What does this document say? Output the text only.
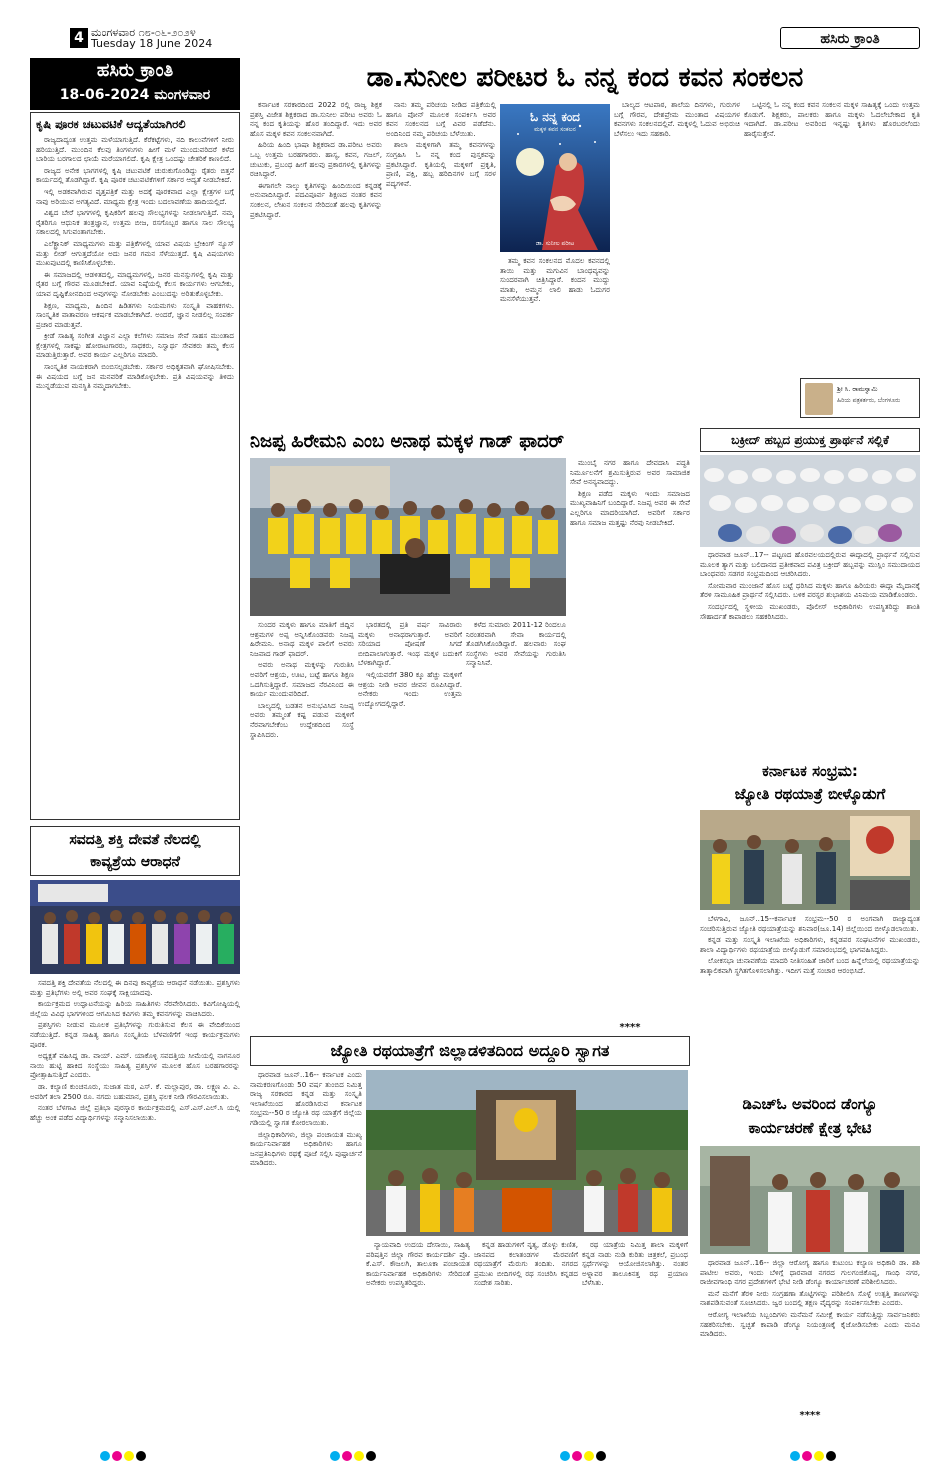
4 ಮಂಗಳವಾರ ೧೮-೦೬-೨೦೨೪
Tuesday 18 June 2024	ಹಸಿರು ಕ್ರಾಂತಿ
ಹಸಿರು ಕ್ರಾಂತಿ
18-06-2024 ಮಂಗಳವಾರ
ಕೃಷಿ ಪೂರಕ ಚಟುವಟಿಕೆ ಆದ್ಯತೆಯಾಗಿರಲಿ

ರಾಜ್ಯದಾದ್ಯಂತ ಉತ್ತಮ ಮಳೆಯಾಗುತ್ತಿದೆ. ಕೆರೆಕಟ್ಟೆಗಳು, ನದಿ ಕಾಲುವೆಗಳಿಗೆ ನೀರು ಹರಿಯುತ್ತಿದೆ. ಮುಂದಿನ ಕೆಲವು ತಿಂಗಳುಗಳು ಹೀಗೆ ಮಳೆ ಮುಂದುವರಿದರೆ ಕಳೆದ ಬಾರಿಯ ಬರಗಾಲದ ಛಾಯೆ ಮರೆಯಾಗಲಿದೆ. ಕೃಷಿ ಕ್ಷೇತ್ರ ಒಂದಷ್ಟು ಚೇತರಿಕೆ ಕಾಣಲಿದೆ.

ರಾಜ್ಯದ ಅನೇಕ ಭಾಗಗಳಲ್ಲಿ ಕೃಷಿ ಚಟುವಟಿಕೆ ಚುರುಕುಗೊಂಡಿದ್ದು ರೈತರು ಬಿತ್ತನೆ ಕಾರ್ಯದಲ್ಲಿ ತೊಡಗಿದ್ದಾರೆ. ಕೃಷಿ ಪೂರಕ ಚಟುವಟಿಕೆಗಳಿಗೆ ಸರ್ಕಾರ ಆದ್ಯತೆ ನೀಡಬೇಕಿದೆ.

ಇಲ್ಲಿ ಅಡಕವಾಗಿರುವ ವೃತ್ತಪತ್ರಿಕೆ ಮತ್ತು ಅದಕ್ಕೆ ಪೂರಕವಾದ ಎಲ್ಲಾ ಕ್ಷೇತ್ರಗಳ ಬಗ್ಗೆ ನಾವು ಅರಿಯುವ ಅಗತ್ಯವಿದೆ. ಮಾಧ್ಯಮ ಕ್ಷೇತ್ರ ಇಂದು ಬದಲಾವಣೆಯ ಹಾದಿಯಲ್ಲಿದೆ.

ವಿಶ್ವದ ಬೇರೆ ಭಾಗಗಳಲ್ಲಿ ಕೃಷಿಕರಿಗೆ ಹಲವು ಸೌಲಭ್ಯಗಳನ್ನು ನೀಡಲಾಗುತ್ತಿದೆ. ನಮ್ಮ ರೈತರಿಗೂ ಆಧುನಿಕ ತಂತ್ರಜ್ಞಾನ, ಉತ್ತಮ ಬೀಜ, ರಸಗೊಬ್ಬರ ಹಾಗೂ ಸಾಲ ಸೌಲಭ್ಯ ಸಕಾಲದಲ್ಲಿ ಸಿಗುವಂತಾಗಬೇಕು.

ಎಲೆಕ್ಟ್ರಾನಿಕ್ ಮಾಧ್ಯಮಗಳು ಮತ್ತು ಪತ್ರಿಕೆಗಳಲ್ಲಿ ಯಾವ ವಿಷಯ ಬ್ರೇಕಿಂಗ್ ನ್ಯೂಸ್ ಮತ್ತು ಲೀಡ್ ಆಗುತ್ತದೆಯೋ ಅದು ಜನರ ಗಮನ ಸೆಳೆಯುತ್ತದೆ. ಕೃಷಿ ವಿಷಯಗಳು ಮುಖಪುಟದಲ್ಲಿ ಕಾಣಿಸಿಕೊಳ್ಳಬೇಕು.

ಈ ಸಮಾಜದಲ್ಲಿ ಆಡಳಿತದಲ್ಲಿ, ಮಾಧ್ಯಮಗಳಲ್ಲಿ, ಜನರ ಮನಸ್ಸುಗಳಲ್ಲಿ ಕೃಷಿ ಮತ್ತು ರೈತರ ಬಗ್ಗೆ ಗೌರವ ಮೂಡಬೇಕಿದೆ. ಯಾವ ನಿಷ್ಠೆಯಲ್ಲಿ ಕೆಲಸ ಕಾರ್ಯಗಳು ಆಗಬೇಕು, ಯಾವ ದೃಷ್ಟಿಕೋನದಿಂದ ಅವುಗಳನ್ನು ನೋಡಬೇಕು ಎಂಬುದನ್ನು ಅರಿತುಕೊಳ್ಳಬೇಕು.

ಶಿಕ್ಷಣ, ಮಾಧ್ಯಮ, ಹಿಂದಿನ ಹಿಡಿತಗಳು ನಿಯಮಗಳು ಸಂಸ್ಕೃತಿ ವಾಹಕಗಳು. ಸಾಂಸ್ಕೃತಿಕ ವಾತಾವರಣ ಆಕರ್ಷಕ ಮಾಡಬೇಕಾಗಿದೆ. ಅಂದರೆ, ಜ್ಞಾನ ನೀಡಲಿಲ್ಲ ಸಂಪರ್ಕ ಪ್ರಚಾರ ಮಾಡುತ್ತವೆ.

ಕ್ರೀಡೆ ಸಾಹಿತ್ಯ ಸಂಗೀತ ವಿಜ್ಞಾನ ಎಲ್ಲಾ ಕಲೆಗಳು ಸಮಾಜ ಸೇವೆ ಸಾಹಸ ಮುಂತಾದ ಕ್ಷೇತ್ರಗಳಲ್ಲಿ ಸಾಕಷ್ಟು ಹೋರಾಟಗಾರರು, ಸಾಧಕರು, ನಿಸ್ವಾರ್ಥ ಸೇವಕರು ತಮ್ಮ ಕೆಲಸ ಮಾಡುತ್ತಿರುತ್ತಾರೆ. ಅವರ ಕಾರ್ಯ ಎಲ್ಲರಿಗೂ ಮಾದರಿ.

ಸಾಂಸ್ಕೃತಿಕ ನಾಯಕರಾಗಿ ಬಿಂಬಿಸಲ್ಪಡಬೇಕು. ಸರ್ಕಾರ ಅಧಿಕೃತವಾಗಿ ಘೋಷಿಸಬೇಕು. ಈ ವಿಷಯದ ಬಗ್ಗೆ ಜನ ಮನವರಿಕೆ ಮಾಡಿಕೊಳ್ಳಬೇಕು. ಪ್ರತಿ ವಿಷಯವನ್ನು ತಿಳಿದು ಮುನ್ನಡೆಯುವ ಮನಸ್ಥಿತಿ ನಮ್ಮದಾಗಬೇಕು.

ಡಾ.ಸುನೀಲ ಪರೀಟರ ಓ ನನ್ನ ಕಂದ ಕವನ ಸಂಕಲನ

ಕರ್ನಾಟಕ ಸರಕಾರದಿಂದ 2022 ರಲ್ಲಿ ರಾಜ್ಯ ಶಿಕ್ಷಕ ಪ್ರಶಸ್ತಿ ವಿಜೇತ ಶಿಕ್ಷಕರಾದ ಡಾ.ಸುನೀಲ ಪರೀಟ ಅವರು ಓ ನನ್ನ ಕಂದ ಕೃತಿಯನ್ನು ಹೊರ ತಂದಿದ್ದಾರೆ. ಇದು ಅವರ ಹೊಸ ಮಕ್ಕಳ ಕವನ ಸಂಕಲನವಾಗಿದೆ.

ಹಿರಿಯ ಹಿಂದಿ ಭಾಷಾ ಶಿಕ್ಷಕರಾದ ಡಾ.ಪರೀಟ ಅವರು ಒಬ್ಬ ಉತ್ತಮ ಬರಹಗಾರರು. ಹಾಸ್ಯ, ಕವನ, ಗಜಲ್, ಚುಟುಕು, ಪ್ರಬಂಧ ಹೀಗೆ ಹಲವು ಪ್ರಕಾರಗಳಲ್ಲಿ ಕೃತಿಗಳನ್ನು ರಚಿಸಿದ್ದಾರೆ.

ಈಗಾಗಲೇ ನಾಲ್ಕು ಕೃತಿಗಳನ್ನು ಹಿಂದಿಯಿಂದ ಕನ್ನಡಕ್ಕೆ ಅನುವಾದಿಸಿದ್ದಾರೆ. ಪದವಿಪೂರ್ವ ಶಿಕ್ಷಣದ ನಂತರ ಕವನ ಸಂಕಲನ, ಲೇಖನ ಸಂಕಲನ ಸೇರಿದಂತೆ ಹಲವು ಕೃತಿಗಳನ್ನು ಪ್ರಕಟಿಸಿದ್ದಾರೆ.

ನಾನು ತಮ್ಮ ಪರಿಚಯ ನೀಡಿದ ಪತ್ರಿಕೆಯಲ್ಲಿ ಹಾಗೂ ಪೋನ್ ಮೂಲಕ ಸಂಪರ್ಕಿಸಿ ಅವರ ಕವನ ಸಂಕಲನದ ಬಗ್ಗೆ ವಿವರ ಪಡೆದೆನು. ಅಂದಿನಿಂದ ನಮ್ಮ ಪರಿಚಯ ಬೆಳೆಯಿತು.

ಶಾಲಾ ಮಕ್ಕಳಿಗಾಗಿ ತಮ್ಮ ಕವನಗಳನ್ನು ಸಂಗ್ರಹಿಸಿ ಓ ನನ್ನ ಕಂದ ಪುಸ್ತಕವನ್ನು ಪ್ರಕಟಿಸಿದ್ದಾರೆ. ಕೃತಿಯಲ್ಲಿ ಮಕ್ಕಳಿಗೆ ಪ್ರಕೃತಿ, ಪ್ರಾಣಿ, ಪಕ್ಷಿ, ಹಬ್ಬ ಹರಿದಿನಗಳ ಬಗ್ಗೆ ಸರಳ ಪದ್ಯಗಳಿವೆ.

ಓ ನನ್ನ ಕಂದ
ಮಕ್ಕಳ ಕವನ ಸಂಕಲನ
ಡಾ. ಸುನೀಲ ಪರೀಟ

ತಮ್ಮ ಕವನ ಸಂಕಲನದ ಮೊದಲ ಕವನದಲ್ಲಿ ತಾಯಿ ಮತ್ತು ಮಗುವಿನ ಬಾಂಧವ್ಯವನ್ನು ಸುಂದರವಾಗಿ ಚಿತ್ರಿಸಿದ್ದಾರೆ. ಕಂದನ ಮುದ್ದು ಮಾತು, ಅಮ್ಮನ ಲಾಲಿ ಹಾಡು ಓದುಗರ ಮನಸೆಳೆಯುತ್ತವೆ.

ಬಾಲ್ಯದ ಆಟಪಾಠ, ಶಾಲೆಯ ದಿನಗಳು, ಗುರುಗಳ ಬಗ್ಗೆ ಗೌರವ, ದೇಶಪ್ರೇಮ ಮುಂತಾದ ವಿಷಯಗಳ ಕವನಗಳು ಸಂಕಲನದಲ್ಲಿವೆ. ಮಕ್ಕಳಲ್ಲಿ ಓದುವ ಅಭಿರುಚಿ ಬೆಳೆಸಲು ಇದು ಸಹಕಾರಿ.

ಒಟ್ಟಿನಲ್ಲಿ ಓ ನನ್ನ ಕಂದ ಕವನ ಸಂಕಲನ ಮಕ್ಕಳ ಸಾಹಿತ್ಯಕ್ಕೆ ಒಂದು ಉತ್ತಮ ಕೊಡುಗೆ. ಶಿಕ್ಷಕರು, ಪಾಲಕರು ಹಾಗೂ ಮಕ್ಕಳು ಓದಲೇಬೇಕಾದ ಕೃತಿ ಇದಾಗಿದೆ. ಡಾ.ಪರೀಟ ಅವರಿಂದ ಇನ್ನಷ್ಟು ಕೃತಿಗಳು ಹೊರಬರಲೆಂದು ಹಾರೈಸುತ್ತೇನೆ.

ಶ್ರೀ ಸಿ. ರಾಮಸ್ವಾಮಿ
ಹಿರಿಯ ಪತ್ರಕರ್ತರು, ಬೆಂಗಳೂರು
ನಿಜಪ್ಪ ಹಿರೇಮನಿ ಎಂಬ ಅನಾಥ ಮಕ್ಕಳ ಗಾಡ್ ಫಾದರ್

ಸುಂದರ ಮಕ್ಕಳು ಹಾಗೂ ಮಾತಿಗೆ ಜಿದ್ದಿನ ಆಶ್ರಮಗಳ ಅಪ್ಪ ಅನ್ನಿಸಿಕೊಂಡವರು ನಿಜಪ್ಪ ಹಿರೇಮನಿ. ಅನಾಥ ಮಕ್ಕಳ ಪಾಲಿಗೆ ಅವರು ನಿಜವಾದ ಗಾಡ್ ಫಾದರ್.

ಅವರು ಅನಾಥ ಮಕ್ಕಳನ್ನು ಗುರುತಿಸಿ ಅವರಿಗೆ ಆಶ್ರಯ, ಊಟ, ಬಟ್ಟೆ ಹಾಗೂ ಶಿಕ್ಷಣ ಒದಗಿಸುತ್ತಿದ್ದಾರೆ. ಸಮಾಜದ ನೆರವಿನಿಂದ ಈ ಕಾರ್ಯ ಮುಂದುವರಿದಿದೆ.

ಬಾಲ್ಯದಲ್ಲಿ ಬಡತನ ಅನುಭವಿಸಿದ ನಿಜಪ್ಪ ಅವರು ತಮ್ಮಂತೆ ಕಷ್ಟ ಪಡುವ ಮಕ್ಕಳಿಗೆ ನೆರವಾಗಬೇಕೆಂಬ ಉದ್ದೇಶದಿಂದ ಸಂಸ್ಥೆ ಸ್ಥಾಪಿಸಿದರು.

ಭಾರತದಲ್ಲಿ ಪ್ರತಿ ವರ್ಷ ಸಾವಿರಾರು ಮಕ್ಕಳು ಅನಾಥರಾಗುತ್ತಾರೆ. ಅವರಿಗೆ ಸರಿಯಾದ ಪೋಷಣೆ ಸಿಗದೆ ಬೀದಿಪಾಲಾಗುತ್ತಾರೆ. ಇಂಥ ಮಕ್ಕಳ ಬದುಕಿಗೆ ಬೆಳಕಾಗಿದ್ದಾರೆ.

ಇಲ್ಲಿಯವರೆಗೆ 380 ಕ್ಕೂ ಹೆಚ್ಚು ಮಕ್ಕಳಿಗೆ ಆಶ್ರಯ ನೀಡಿ ಅವರ ಜೀವನ ರೂಪಿಸಿದ್ದಾರೆ. ಅನೇಕರು ಇಂದು ಉತ್ತಮ ಉದ್ಯೋಗದಲ್ಲಿದ್ದಾರೆ.

ಕಳೆದ ಸುಮಾರು 2011-12 ರಿಂದಲೂ ನಿರಂತರವಾಗಿ ಸೇವಾ ಕಾರ್ಯದಲ್ಲಿ ತೊಡಗಿಸಿಕೊಂಡಿದ್ದಾರೆ. ಹಲವಾರು ಸಂಘ ಸಂಸ್ಥೆಗಳು ಅವರ ಸೇವೆಯನ್ನು ಗುರುತಿಸಿ ಸನ್ಮಾನಿಸಿವೆ.

ಮುಂಬೈ ನಗರ ಹಾಗೂ ದೇವದಾಸಿ ಪದ್ಧತಿ ನಿರ್ಮೂಲನೆಗೆ ಶ್ರಮಿಸುತ್ತಿರುವ ಅವರ ಸಾಮಾಜಿಕ ಸೇವೆ ಅನನ್ಯವಾದದ್ದು.

ಶಿಕ್ಷಣ ಪಡೆದ ಮಕ್ಕಳು ಇಂದು ಸಮಾಜದ ಮುಖ್ಯವಾಹಿನಿಗೆ ಬಂದಿದ್ದಾರೆ. ನಿಜಪ್ಪ ಅವರ ಈ ಸೇವೆ ಎಲ್ಲರಿಗೂ ಮಾದರಿಯಾಗಿದೆ. ಅವರಿಗೆ ಸರ್ಕಾರ ಹಾಗೂ ಸಮಾಜ ಮತ್ತಷ್ಟು ನೆರವು ನೀಡಬೇಕಿದೆ.

****
ಸವದತ್ತಿ ಶಕ್ತಿ ದೇವತೆ ನೆಲದಲ್ಲಿ
ಕಾವ್ಯಶ್ರೆಯ ಆರಾಧನೆ

ಸವದತ್ತಿ ಶಕ್ತಿ ದೇವತೆಯ ನೆಲದಲ್ಲಿ ಈ ದಿನವು ಕಾವ್ಯಶ್ರೆಯ ಆರಾಧನೆ ನಡೆಯಿತು. ಪ್ರಶಸ್ತಿಗಳು ಮತ್ತು ಪ್ರತಿಭೆಗಳು ಅಲ್ಲಿ ಅವರ ಸಂಘಕ್ಕೆ ಸಾಕ್ಷಿಯಾದವು.

ಕಾರ್ಯಕ್ರಮದ ಉದ್ಘಾಟನೆಯನ್ನು ಹಿರಿಯ ಸಾಹಿತಿಗಳು ನೆರವೇರಿಸಿದರು. ಕವಿಗೋಷ್ಠಿಯಲ್ಲಿ ಜಿಲ್ಲೆಯ ವಿವಿಧ ಭಾಗಗಳಿಂದ ಆಗಮಿಸಿದ ಕವಿಗಳು ತಮ್ಮ ಕವನಗಳನ್ನು ವಾಚಿಸಿದರು.

ಪ್ರಶಸ್ತಿಗಳು ನೀಡುವ ಮೂಲಕ ಪ್ರತಿಭೆಗಳನ್ನು ಗುರುತಿಸುವ ಕೆಲಸ ಈ ವೇದಿಕೆಯಿಂದ ನಡೆಯುತ್ತಿದೆ. ಕನ್ನಡ ಸಾಹಿತ್ಯ ಹಾಗೂ ಸಂಸ್ಕೃತಿಯ ಬೆಳವಣಿಗೆಗೆ ಇಂಥ ಕಾರ್ಯಕ್ರಮಗಳು ಪೂರಕ.

ಅಧ್ಯಕ್ಷತೆ ವಹಿಸಿದ್ದ ಡಾ. ವಾಯ್. ಎಮ್. ಯಾಕೊಳ್ಳಿ ಸವದತ್ತಿಯ ಸೀಮೆಯಲ್ಲಿ ನಾಗನೂರ ನಾಯಿ ಹುಟ್ಟಿ ಹಾಕಿದ ಸಂಸ್ಥೆಯು ಸಾಹಿತ್ಯ ಪ್ರಶಸ್ತಿಗಳ ಮೂಲಕ ಹೊಸ ಬರಹಗಾರರನ್ನು ಪ್ರೋತ್ಸಾಹಿಸುತ್ತಿದೆ ಎಂದರು.

ಡಾ. ಕಲ್ಯಾಣಿ ಕುಂಚನೂರು, ಸುಜಾತ ಮಠ, ಎಸ್. ಕೆ. ಮಲ್ಲಾಪುರ, ಡಾ. ಲಕ್ಷ್ಮಣ ವಿ. ಎ. ಅವರಿಗೆ ತಲಾ 2500 ರೂ. ನಗದು ಬಹುಮಾನ, ಪ್ರಶಸ್ತಿ ಫಲಕ ನೀಡಿ ಗೌರವಿಸಲಾಯಿತು.

ನಂತರ ಬೆಳಗಾವಿ ಜಿಲ್ಲೆ ಪ್ರತಿಭಾ ಪುರಸ್ಕಾರ ಕಾರ್ಯಕ್ರಮದಲ್ಲಿ ಎಸ್.ಎಸ್.ಎಲ್.ಸಿ ಯಲ್ಲಿ ಹೆಚ್ಚು ಅಂಕ ಪಡೆದ ವಿದ್ಯಾರ್ಥಿಗಳನ್ನು ಸನ್ಮಾನಿಸಲಾಯಿತು.

ಬಕ್ರೀದ್ ಹಬ್ಬದ ಪ್ರಯುಕ್ತ ಪ್ರಾರ್ಥನೆ ಸಲ್ಲಿಕೆ

ಧಾರವಾಡ ಜೂನ್..17-- ಪಟ್ಟಣದ ಹೊರವಲಯದಲ್ಲಿರುವ ಈದ್ಗಾದಲ್ಲಿ ಪ್ರಾರ್ಥನೆ ಸಲ್ಲಿಸುವ ಮೂಲಕ ತ್ಯಾಗ ಮತ್ತು ಬಲಿದಾನದ ಪ್ರತೀಕವಾದ ಪವಿತ್ರ ಬಕ್ರೀದ್ ಹಬ್ಬವನ್ನು ಮುಸ್ಲಿಂ ಸಮುದಾಯದ ಬಾಂಧವರು ಸಡಗರ ಸಂಭ್ರಮದಿಂದ ಆಚರಿಸಿದರು.

ಸೋಮವಾರ ಮುಂಜಾನೆ ಹೊಸ ಬಟ್ಟೆ ಧರಿಸಿದ ಮಕ್ಕಳು ಹಾಗೂ ಹಿರಿಯರು ಈದ್ಗಾ ಮೈದಾನಕ್ಕೆ ತೆರಳಿ ಸಾಮೂಹಿಕ ಪ್ರಾರ್ಥನೆ ಸಲ್ಲಿಸಿದರು. ಬಳಿಕ ಪರಸ್ಪರ ಶುಭಾಶಯ ವಿನಿಮಯ ಮಾಡಿಕೊಂಡರು.

ಸಂದರ್ಭದಲ್ಲಿ ಸ್ಥಳೀಯ ಮುಖಂಡರು, ಪೊಲೀಸ್ ಅಧಿಕಾರಿಗಳು ಉಪಸ್ಥಿತರಿದ್ದು ಶಾಂತಿ ಸೌಹಾರ್ದತೆ ಕಾಪಾಡಲು ಸಹಕರಿಸಿದರು.

ಕರ್ನಾಟಕ ಸಂಭ್ರಮ:
ಜ್ಯೋತಿ ರಥಯಾತ್ರೆ ಬೀಳ್ಕೊಡುಗೆ

ಬೆಳಗಾವಿ, ಜೂನ್..15--ಕರ್ನಾಟಕ ಸಂಭ್ರಮ--50 ರ ಅಂಗವಾಗಿ ರಾಜ್ಯಾದ್ಯಂತ ಸಂಚರಿಸುತ್ತಿರುವ ಜ್ಯೋತಿ ರಥಯಾತ್ರೆಯನ್ನು ಶನಿವಾರ(ಜೂ.14) ಜಿಲ್ಲೆಯಿಂದ ಬೀಳ್ಕೊಡಲಾಯಿತು.

ಕನ್ನಡ ಮತ್ತು ಸಂಸ್ಕೃತಿ ಇಲಾಖೆಯ ಅಧಿಕಾರಿಗಳು, ಕನ್ನಡಪರ ಸಂಘಟನೆಗಳ ಮುಖಂಡರು, ಶಾಲಾ ವಿದ್ಯಾರ್ಥಿಗಳು ರಥಯಾತ್ರೆಯ ಬೀಳ್ಕೊಡುಗೆ ಸಮಾರಂಭದಲ್ಲಿ ಭಾಗವಹಿಸಿದ್ದರು.

ಲೋಕಸಭಾ ಚುನಾವಣೆಯ ಮಾದರಿ ನೀತಿಸಂಹಿತೆ ಜಾರಿಗೆ ಬಂದ ಹಿನ್ನೆಲೆಯಲ್ಲಿ ರಥಯಾತ್ರೆಯನ್ನು ತಾತ್ಕಾಲಿಕವಾಗಿ ಸ್ಥಗಿತಗೊಳಿಸಲಾಗಿತ್ತು. ಇದೀಗ ಮತ್ತೆ ಸಂಚಾರ ಆರಂಭಿಸಿದೆ.

ಡಿಎಚ್‌ಓ ಅವರಿಂದ ಡೆಂಗ್ಯೂ
ಕಾರ್ಯಚರಣೆ ಕ್ಷೇತ್ರ ಭೇಟಿ

ಧಾರವಾಡ ಜೂನ್..16-- ಜಿಲ್ಲಾ ಆರೋಗ್ಯ ಹಾಗೂ ಕುಟುಂಬ ಕಲ್ಯಾಣ ಅಧಿಕಾರಿ ಡಾ. ಶಶಿ ಪಾಟೀಲ ಅವರು, ಇಂದು ಬೆಳಿಗ್ಗೆ ಧಾರವಾಡ ನಗರದ ಗುಲಗಂಜಿಕೊಪ್ಪ, ಗಾಂಧಿ ನಗರ, ರಾಜೀವಗಾಂಧಿ ನಗರ ಪ್ರದೇಶಗಳಿಗೆ ಭೇಟಿ ನೀಡಿ ಡೆಂಗ್ಯೂ ಕಾರ್ಯಾಚರಣೆ ಪರಿಶೀಲಿಸಿದರು.

ಮನೆ ಮನೆಗೆ ತೆರಳಿ ನೀರು ಸಂಗ್ರಹಣಾ ತೊಟ್ಟಿಗಳನ್ನು ಪರಿಶೀಲಿಸಿ ಸೊಳ್ಳೆ ಉತ್ಪತ್ತಿ ತಾಣಗಳನ್ನು ನಾಶಪಡಿಸುವಂತೆ ಸೂಚಿಸಿದರು. ಜ್ವರ ಬಂದಲ್ಲಿ ತಕ್ಷಣ ವೈದ್ಯರನ್ನು ಸಂಪರ್ಕಿಸಬೇಕು ಎಂದರು.

ಆರೋಗ್ಯ ಇಲಾಖೆಯ ಸಿಬ್ಬಂದಿಗಳು ಮನೆಮನೆ ಸಮೀಕ್ಷೆ ಕಾರ್ಯ ನಡೆಸುತ್ತಿದ್ದು ಸಾರ್ವಜನಿಕರು ಸಹಕರಿಸಬೇಕು. ಸ್ವಚ್ಛತೆ ಕಾಪಾಡಿ ಡೆಂಗ್ಯೂ ನಿಯಂತ್ರಣಕ್ಕೆ ಕೈಜೋಡಿಸಬೇಕು ಎಂದು ಮನವಿ ಮಾಡಿದರು.

****
ಜ್ಯೋತಿ ರಥಯಾತ್ರೆಗೆ ಜಿಲ್ಲಾಡಳಿತದಿಂದ ಅದ್ದೂರಿ ಸ್ವಾಗತ

ಧಾರವಾಡ ಜೂನ್..16-- ಕರ್ನಾಟಕ ಎಂದು ನಾಮಕರಣಗೊಂಡು 50 ವರ್ಷ ತುಂಬಿದ ನಿಮಿತ್ತ ರಾಜ್ಯ ಸರಕಾರದ ಕನ್ನಡ ಮತ್ತು ಸಂಸ್ಕೃತಿ ಇಲಾಖೆಯಿಂದ ಹೊರಡಿಸಿರುವ ಕರ್ನಾಟಕ ಸಂಭ್ರಮ--50 ರ ಜ್ಯೋತಿ ರಥ ಯಾತ್ರೆಗೆ ಜಿಲ್ಲೆಯ ಗಡಿಯಲ್ಲಿ ಸ್ವಾಗತ ಕೋರಲಾಯಿತು.

ಜಿಲ್ಲಾಧಿಕಾರಿಗಳು, ಜಿಲ್ಲಾ ಪಂಚಾಯತ ಮುಖ್ಯ ಕಾರ್ಯನಿರ್ವಾಹಕ ಅಧಿಕಾರಿಗಳು ಹಾಗೂ ಜನಪ್ರತಿನಿಧಿಗಳು ರಥಕ್ಕೆ ಪೂಜೆ ಸಲ್ಲಿಸಿ ಪುಷ್ಪಾರ್ಚನೆ ಮಾಡಿದರು.

ನ್ಯಾಯವಾದಿ ಉದಯ ದೇಸಾಯಿ, ಸಾಹಿತ್ಯ ಪರಿಷತ್ತಿನ ಜಿಲ್ಲಾ ಗೌರವ ಕಾರ್ಯದರ್ಶಿ ಪ್ರೊ. ಕೆ.ಎಸ್. ಕೌಜಲಗಿ, ತಾಲೂಕಾ ಪಂಚಾಯತ ಕಾರ್ಯನಿರ್ವಾಹಕ ಅಧಿಕಾರಿಗಳು ಸೇರಿದಂತೆ ಅನೇಕರು ಉಪಸ್ಥಿತರಿದ್ದರು.

ಕನ್ನಡ ಹಾಡುಗಳಿಗೆ ನೃತ್ಯ, ಡೊಳ್ಳು ಕುಣಿತ, ಜಾನಪದ ಕಲಾತಂಡಗಳ ಮೆರವಣಿಗೆ ರಥಯಾತ್ರೆಗೆ ಮೆರುಗು ತಂದಿತು. ನಗರದ ಪ್ರಮುಖ ಬೀದಿಗಳಲ್ಲಿ ರಥ ಸಂಚರಿಸಿ ಕನ್ನಡದ ಸಂದೇಶ ಸಾರಿತು.

ರಥ ಯಾತ್ರೆಯ ನಿಮಿತ್ತ ಶಾಲಾ ಮಕ್ಕಳಿಗೆ ಕನ್ನಡ ನಾಡು ನುಡಿ ಕುರಿತು ಚಿತ್ರಕಲೆ, ಪ್ರಬಂಧ ಸ್ಪರ್ಧೆಗಳನ್ನು ಆಯೋಜಿಸಲಾಗಿತ್ತು. ನಂತರ ಅಳ್ನಾವರ ತಾಲೂಕಿನತ್ತ ರಥ ಪ್ರಯಾಣ ಬೆಳೆಸಿತು.
